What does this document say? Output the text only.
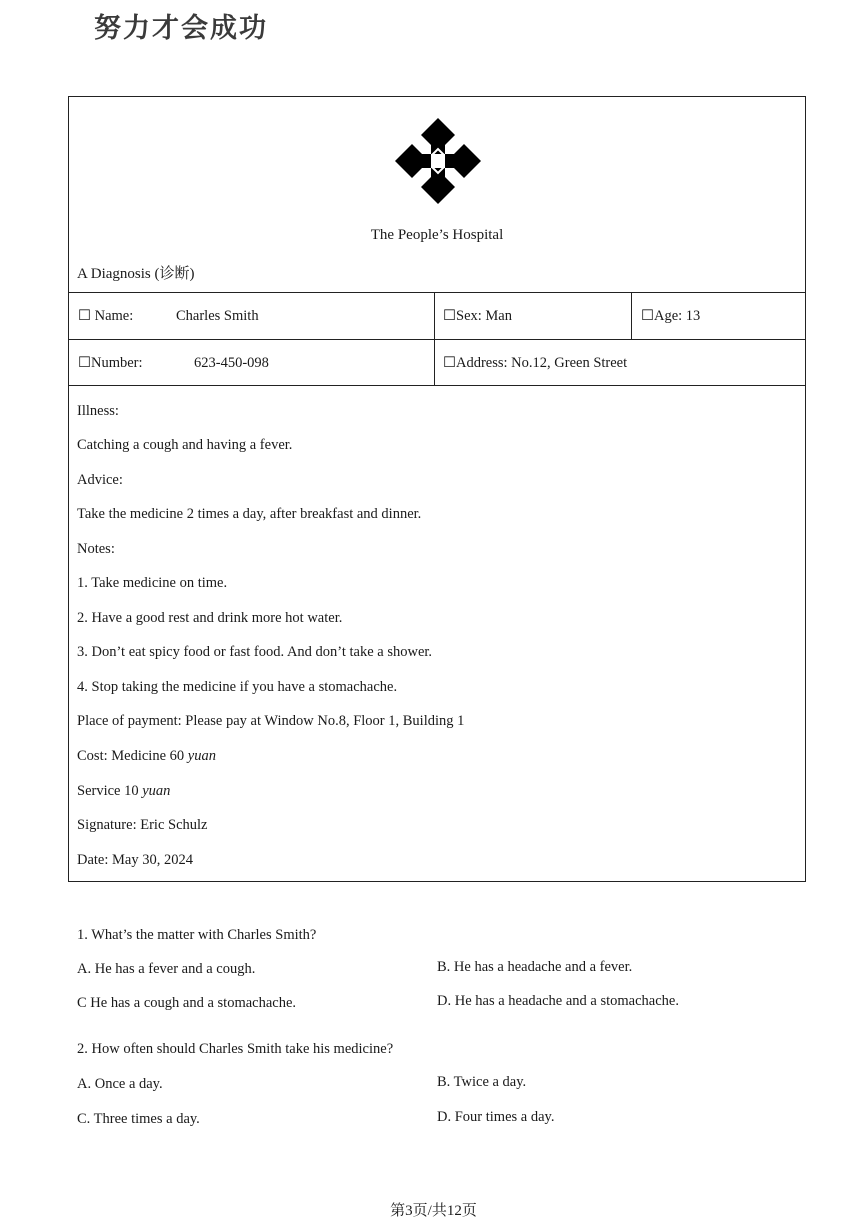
努力才会成功
The People’s Hospital
A Diagnosis (诊断)
☐ Name:	Charles Smith	☐Sex: Man	☐Age: 13
☐Number:	623-450-098	☐Address: No.12, Green Street
Illness:
Catching a cough and having a fever.
Advice:
Take the medicine 2 times a day, after breakfast and dinner.
Notes:
1. Take medicine on time.
2. Have a good rest and drink more hot water.
3. Don’t eat spicy food or fast food. And don’t take a shower.
4. Stop taking the medicine if you have a stomachache.
Place of payment: Please pay at Window No.8, Floor 1, Building 1
Cost: Medicine 60 yuan
Service 10 yuan
Signature: Eric Schulz
Date: May 30, 2024
1. What’s the matter with Charles Smith?
A. He has a fever and a cough.	B. He has a headache and a fever.
C He has a cough and a stomachache.	D. He has a headache and a stomachache.
2. How often should Charles Smith take his medicine?
A. Once a day.	B. Twice a day.
C. Three times a day.	D. Four times a day.
第3页/共12页
